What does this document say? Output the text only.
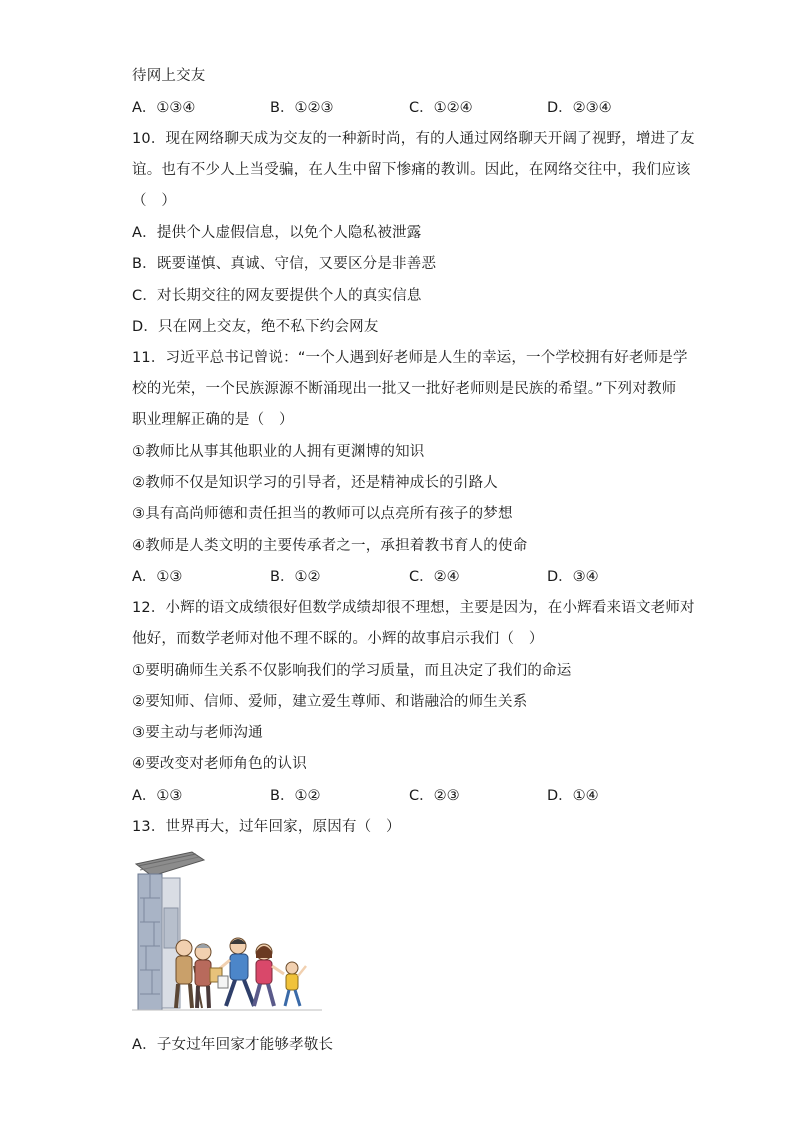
待网上交友
A．①③④	B．①②③	C．①②④	D．②③④
10．现在网络聊天成为交友的一种新时尚，有的人通过网络聊天开阔了视野，增进了友
谊。也有不少人上当受骗，在人生中留下惨痛的教训。因此，在网络交往中，我们应该
（　）
A．提供个人虚假信息，以免个人隐私被泄露
B．既要谨慎、真诚、守信，又要区分是非善恶
C．对长期交往的网友要提供个人的真实信息
D．只在网上交友，绝不私下约会网友
11．习近平总书记曾说：“一个人遇到好老师是人生的幸运，一个学校拥有好老师是学
校的光荣，一个民族源源不断涌现出一批又一批好老师则是民族的希望。”下列对教师
职业理解正确的是（　）
①教师比从事其他职业的人拥有更渊博的知识
②教师不仅是知识学习的引导者，还是精神成长的引路人
③具有高尚师德和责任担当的教师可以点亮所有孩子的梦想
④教师是人类文明的主要传承者之一，承担着教书育人的使命
A．①③	B．①②	C．②④	D．③④
12．小辉的语文成绩很好但数学成绩却很不理想，主要是因为，在小辉看来语文老师对
他好，而数学老师对他不理不睬的。小辉的故事启示我们（　）
①要明确师生关系不仅影响我们的学习质量，而且决定了我们的命运
②要知师、信师、爱师，建立爱生尊师、和谐融洽的师生关系
③要主动与老师沟通
④要改变对老师角色的认识
A．①③	B．①②	C．②③	D．①④
13．世界再大，过年回家，原因有（　）
A．子女过年回家才能够孝敬长
